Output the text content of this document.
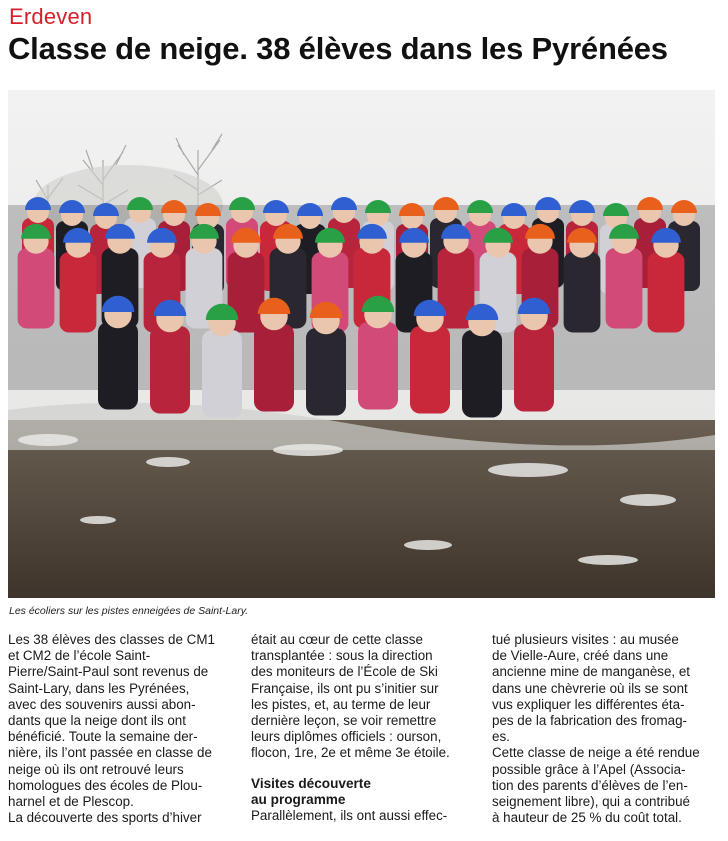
Erdeven
Classe de neige. 38 élèves dans les Pyrénées
Les écoliers sur les pistes enneigées de Saint-Lary.

Les 38 élèves des classes de CM1
et CM2 de l’école Saint-
Pierre/Saint-Paul sont revenus de
Saint-Lary, dans les Pyrénées,
avec des souvenirs aussi abon-
dants que la neige dont ils ont
bénéficié. Toute la semaine der-
nière, ils l’ont passée en classe de
neige où ils ont retrouvé leurs
homologues des écoles de Plou-
harnel et de Plescop.
La découverte des sports d’hiver

était au cœur de cette classe
transplantée : sous la direction
des moniteurs de l’École de Ski
Française, ils ont pu s’initier sur
les pistes, et, au terme de leur
dernière leçon, se voir remettre
leurs diplômes officiels : ourson,
flocon, 1re, 2e et même 3e étoile.

Visites découverte
au programme

Parallèlement, ils ont aussi effec-

tué plusieurs visites : au musée
de Vielle-Aure, créé dans une
ancienne mine de manganèse, et
dans une chèvrerie où ils se sont
vus expliquer les différentes éta-
pes de la fabrication des fromag-
es.
Cette classe de neige a été rendue
possible grâce à l’Apel (Associa-
tion des parents d’élèves de l’en-
seignement libre), qui a contribué
à hauteur de 25 % du coût total.
